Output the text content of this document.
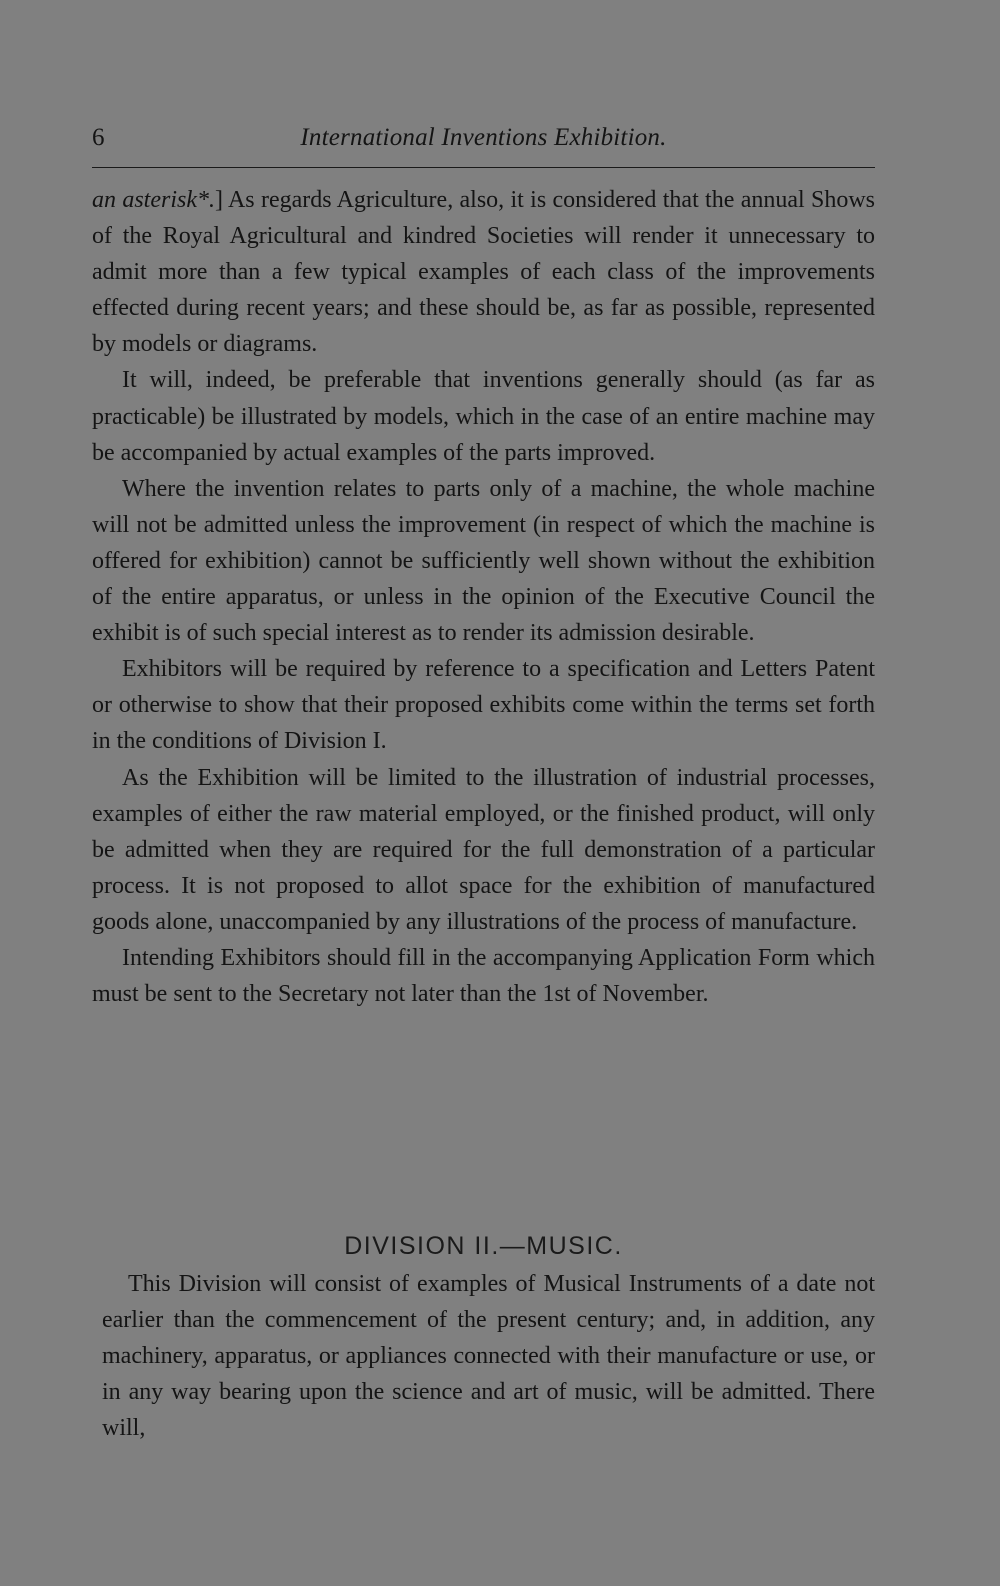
6	International Inventions Exhibition.

an asterisk*.] As regards Agriculture, also, it is considered that the annual Shows of the Royal Agricultural and kindred Societies will render it unnecessary to admit more than a few typical examples of each class of the improvements effected during recent years; and these should be, as far as possible, represented by models or diagrams.

It will, indeed, be preferable that inventions generally should (as far as practicable) be illustrated by models, which in the case of an entire machine may be accompanied by actual examples of the parts improved.

Where the invention relates to parts only of a machine, the whole machine will not be admitted unless the improvement (in respect of which the machine is offered for exhibition) cannot be sufficiently well shown without the exhibition of the entire apparatus, or unless in the opinion of the Executive Council the exhibit is of such special interest as to render its admission desirable.

Exhibitors will be required by reference to a specification and Letters Patent or otherwise to show that their proposed exhibits come within the terms set forth in the conditions of Division I.

As the Exhibition will be limited to the illustration of industrial processes, examples of either the raw material employed, or the finished product, will only be admitted when they are required for the full demonstration of a particular process. It is not proposed to allot space for the exhibition of manufactured goods alone, unaccompanied by any illustrations of the process of manufacture.

Intending Exhibitors should fill in the accompanying Application Form which must be sent to the Secretary not later than the 1st of November.

DIVISION II.—MUSIC.

This Division will consist of examples of Musical Instruments of a date not earlier than the commencement of the present century; and, in addition, any machinery, apparatus, or appliances connected with their manufacture or use, or in any way bearing upon the science and art of music, will be admitted. There will,
